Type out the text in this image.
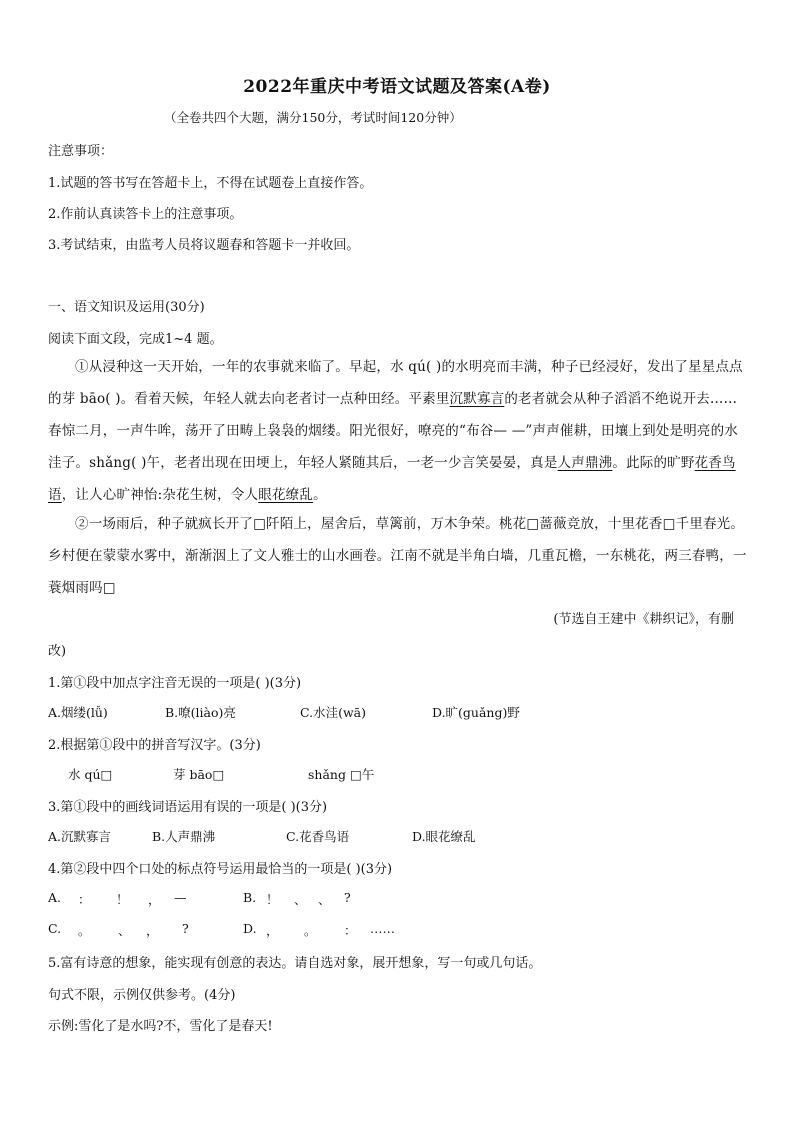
2022年重庆中考语文试题及答案(A卷)
（全卷共四个大题，满分150分，考试时间120分钟）
注意事项：
1.试题的答书写在答超卡上，不得在试题卷上直接作答。
2.作前认真读答卡上的注意事项。
3.考试结束，由监考人员将议题春和答题卡一并收回。
一、语文知识及运用(30分)
阅读下面文段，完成1~4 题。

①从浸种这一天开始，一年的农事就来临了。早起，水 qú( )的水明亮而丰满，种子已经浸好，发出了星星点点的芽 bāo( )。看着天候，年轻人就去向老者讨一点种田经。平素里沉默寡言的老者就会从种子滔滔不绝说开去……春惊二月，一声牛哞，荡开了田畴上袅袅的烟缕。阳光很好，嘹亮的“布谷— —”声声催耕，田壤上到处是明亮的水洼子。shǎng( )午，老者出现在田埂上，年轻人紧随其后，一老一少言笑晏晏，真是人声鼎沸。此际的旷野花香鸟语，让人心旷神怡:杂花生树，令人眼花缭乱。

②一场雨后，种子就疯长开了□阡陌上，屋舍后，草篱前，万木争荣。桃花□蔷薇竞放，十里花香□千里春光。乡村便在蒙蒙水雾中，渐渐洇上了文人雅士的山水画卷。江南不就是半角白墙，几重瓦檐，一东桃花，两三春鸭，一蓑烟雨吗□

(节选自王建中《耕织记》，有删
改)
1.第①段中加点字注音无误的一项是( )(3分)
A.烟缕(lǚ)	B.嘹(liào)亮	C.水洼(wā)	D.旷(guǎng)野
2.根据第①段中的拼音写汉字。(3分)
水 qú□	芽 bāo□	shǎng □午
3.第①段中的画线词语运用有误的一项是( )(3分)
A.沉默寡言	B.人声鼎沸	C.花香鸟语	D.眼花缭乱
4.第②段中四个口处的标点符号运用最恰当的一项是( )(3分)
A. ： ！ ， —	B. ！ 、 、 ?
C. 。 、 ， ?	D. ， 。 ： ……
5.富有诗意的想象，能实现有创意的表达。请自选对象，展开想象，写一句或几句话。
句式不限，示例仅供参考。(4分)
示例:雪化了是水吗?不，雪化了是春天!
